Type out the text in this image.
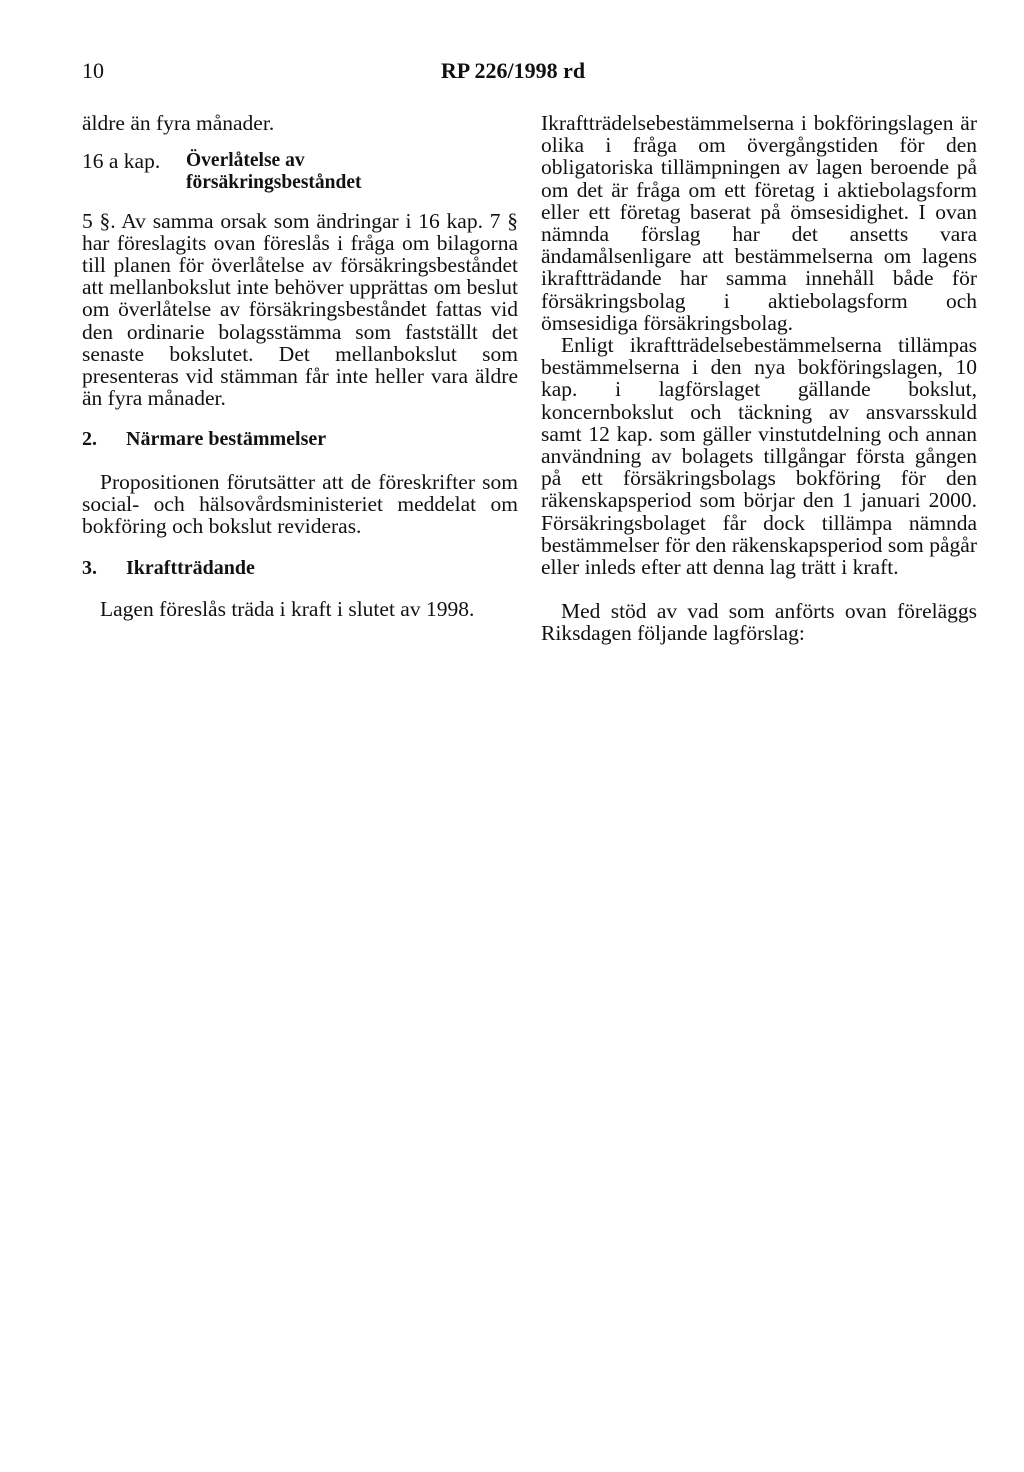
10	RP 226/1998 rd

äldre än fyra månader.

16 a kap.	Överlåtelse av försäkringsbeståndet

5 §. Av samma orsak som ändringar i 16 kap. 7 § har föreslagits ovan föreslås i fråga om bilagorna till planen för överlåtelse av försäkringsbeståndet att mellanbokslut inte behöver upprättas om beslut om överlåtelse av försäkringsbeståndet fattas vid den ordinarie bolagsstämma som fastställt det senaste bokslutet. Det mellanbokslut som presenteras vid stämman får inte heller vara äldre än fyra månader.

2.	Närmare bestämmelser

Propositionen förutsätter att de föreskrifter som social- och hälsovårdsministeriet meddelat om bokföring och bokslut revideras.

3.	Ikraftträdande

Lagen föreslås träda i kraft i slutet av 1998.

Ikraftträdelsebestämmelserna i bokföringslagen är olika i fråga om övergångstiden för den obligatoriska tillämpningen av lagen beroende på om det är fråga om ett företag i aktiebolagsform eller ett företag baserat på ömsesidighet. I ovan nämnda förslag har det ansetts vara ändamålsenligare att bestämmelserna om lagens ikraftträdande har samma innehåll både för försäkringsbolag i aktiebolagsform och ömsesidiga försäkringsbolag.

Enligt ikraftträdelsebestämmelserna tillämpas bestämmelserna i den nya bokföringslagen, 10 kap. i lagförslaget gällande bokslut, koncernbokslut och täckning av ansvarsskuld samt 12 kap. som gäller vinstutdelning och annan användning av bolagets tillgångar första gången på ett försäkringsbolags bokföring för den räkenskapsperiod som börjar den 1 januari 2000. Försäkringsbolaget får dock tillämpa nämnda bestämmelser för den räkenskapsperiod som pågår eller inleds efter att denna lag trätt i kraft.

Med stöd av vad som anförts ovan föreläggs Riksdagen följande lagförslag:
